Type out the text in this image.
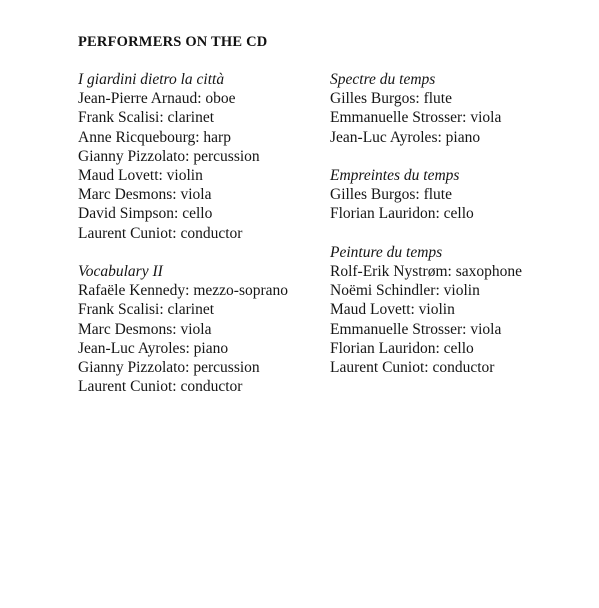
PERFORMERS ON THE CD
I giardini dietro la città
Jean-Pierre Arnaud: oboe
Frank Scalisi: clarinet
Anne Ricquebourg: harp
Gianny Pizzolato: percussion
Maud Lovett: violin
Marc Desmons: viola
David Simpson: cello
Laurent Cuniot: conductor
Vocabulary II
Rafaële Kennedy: mezzo-soprano
Frank Scalisi: clarinet
Marc Desmons: viola
Jean-Luc Ayroles: piano
Gianny Pizzolato: percussion
Laurent Cuniot: conductor
Spectre du temps
Gilles Burgos: flute
Emmanuelle Strosser: viola
Jean-Luc Ayroles: piano
Empreintes du temps
Gilles Burgos: flute
Florian Lauridon: cello
Peinture du temps
Rolf-Erik Nystrøm: saxophone
Noëmi Schindler: violin
Maud Lovett: violin
Emmanuelle Strosser: viola
Florian Lauridon: cello
Laurent Cuniot: conductor
